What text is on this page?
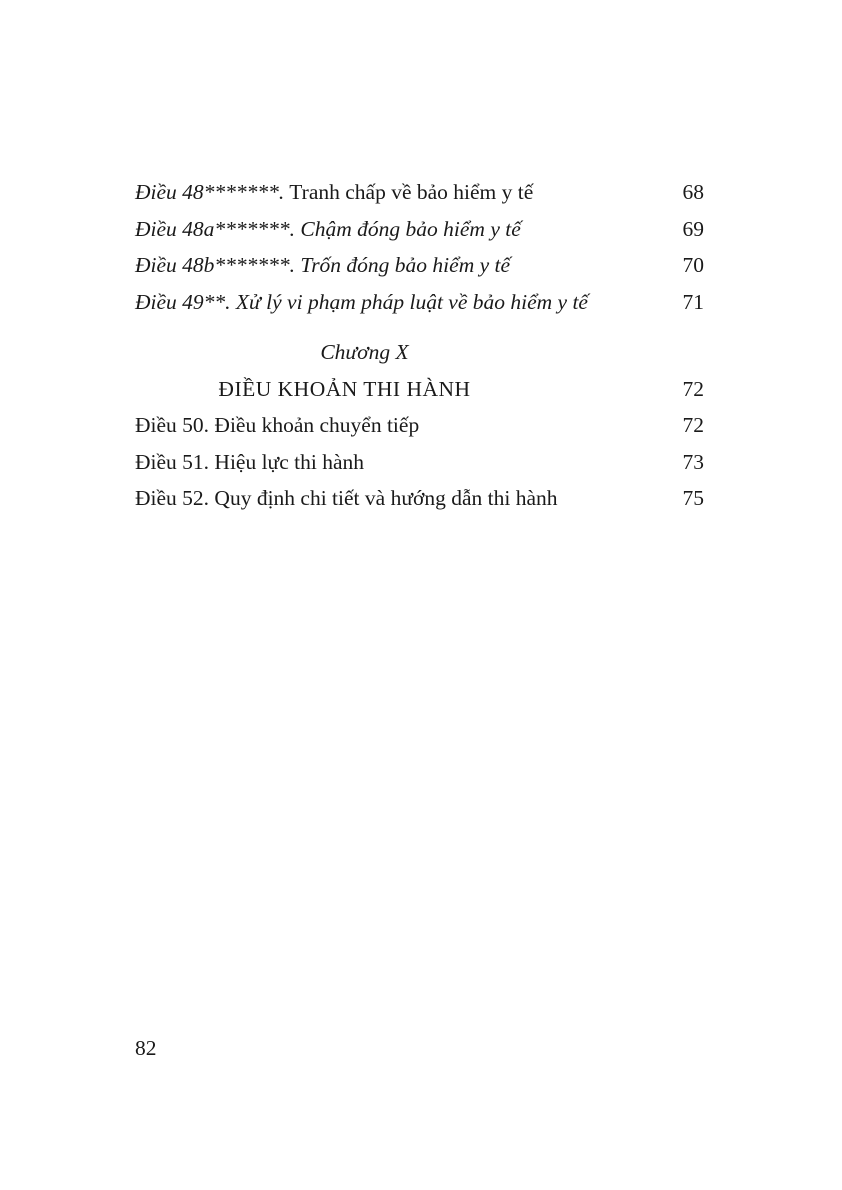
Điều 48*******. Tranh chấp về bảo hiểm y tế	68
Điều 48a*******. Chậm đóng bảo hiểm y tế	69
Điều 48b*******. Trốn đóng bảo hiểm y tế	70
Điều 49**. Xử lý vi phạm pháp luật về bảo hiểm y tế	71
Chương X
ĐIỀU KHOẢN THI HÀNH	72
Điều 50. Điều khoản chuyển tiếp	72
Điều 51. Hiệu lực thi hành	73
Điều 52. Quy định chi tiết và hướng dẫn thi hành	75
82
